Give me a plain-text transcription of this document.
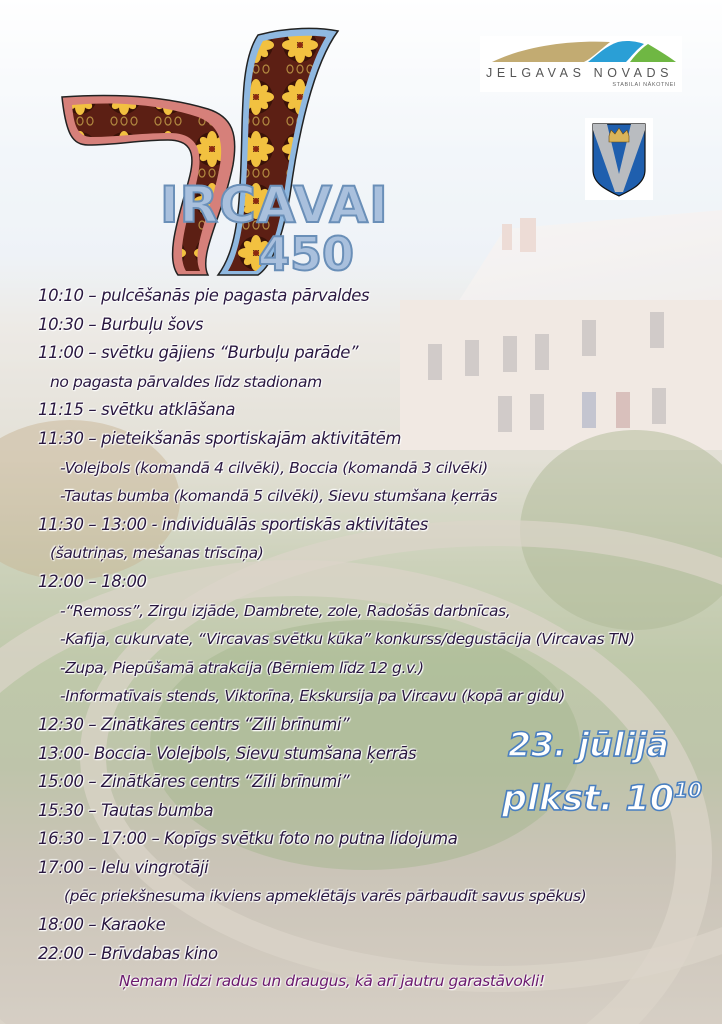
IRCAVAI
450
JELGAVAS NOVADS
STABILAI NĀKOTNEI
10:10 – pulcēšanās pie pagasta pārvaldes
10:30 – Burbuļu šovs
11:00 – svētku gājiens “Burbuļu parāde”
no pagasta pārvaldes līdz stadionam
11:15 – svētku atklāšana
11:30 – pieteikšanās sportiskajām aktivitātēm
-Volejbols (komandā 4 cilvēki), Boccia (komandā 3 cilvēki)
-Tautas bumba (komandā 5 cilvēki), Sievu stumšana ķerrās
11:30 – 13:00 - individuālās sportiskās aktivitātes
(šautriņas, mešanas trīscīņa)
12:00 – 18:00
-“Remoss”, Zirgu izjāde, Dambrete, zole, Radošās darbnīcas,
-Kafija, cukurvate, “Vircavas svētku kūka” konkurss/degustācija (Vircavas TN)
-Zupa, Piepūšamā atrakcija (Bērniem līdz 12 g.v.)
-Informatīvais stends, Viktorīna, Ekskursija pa Vircavu (kopā ar gidu)
12:30 – Zinātkāres centrs “Zili brīnumi”
13:00- Boccia- Volejbols, Sievu stumšana ķerrās
15:00 – Zinātkāres centrs “Zili brīnumi”
15:30 – Tautas bumba
16:30 – 17:00 – Kopīgs svētku foto no putna lidojuma
17:00 – Ielu vingrotāji
(pēc priekšnesuma ikviens apmeklētājs varēs pārbaudīt savus spēkus)
18:00 – Karaoke
22:00 – Brīvdabas kino
Ņemam līdzi radus un draugus, kā arī jautru garastāvokli!
23. jūlijā
plkst. $10^{10}$
